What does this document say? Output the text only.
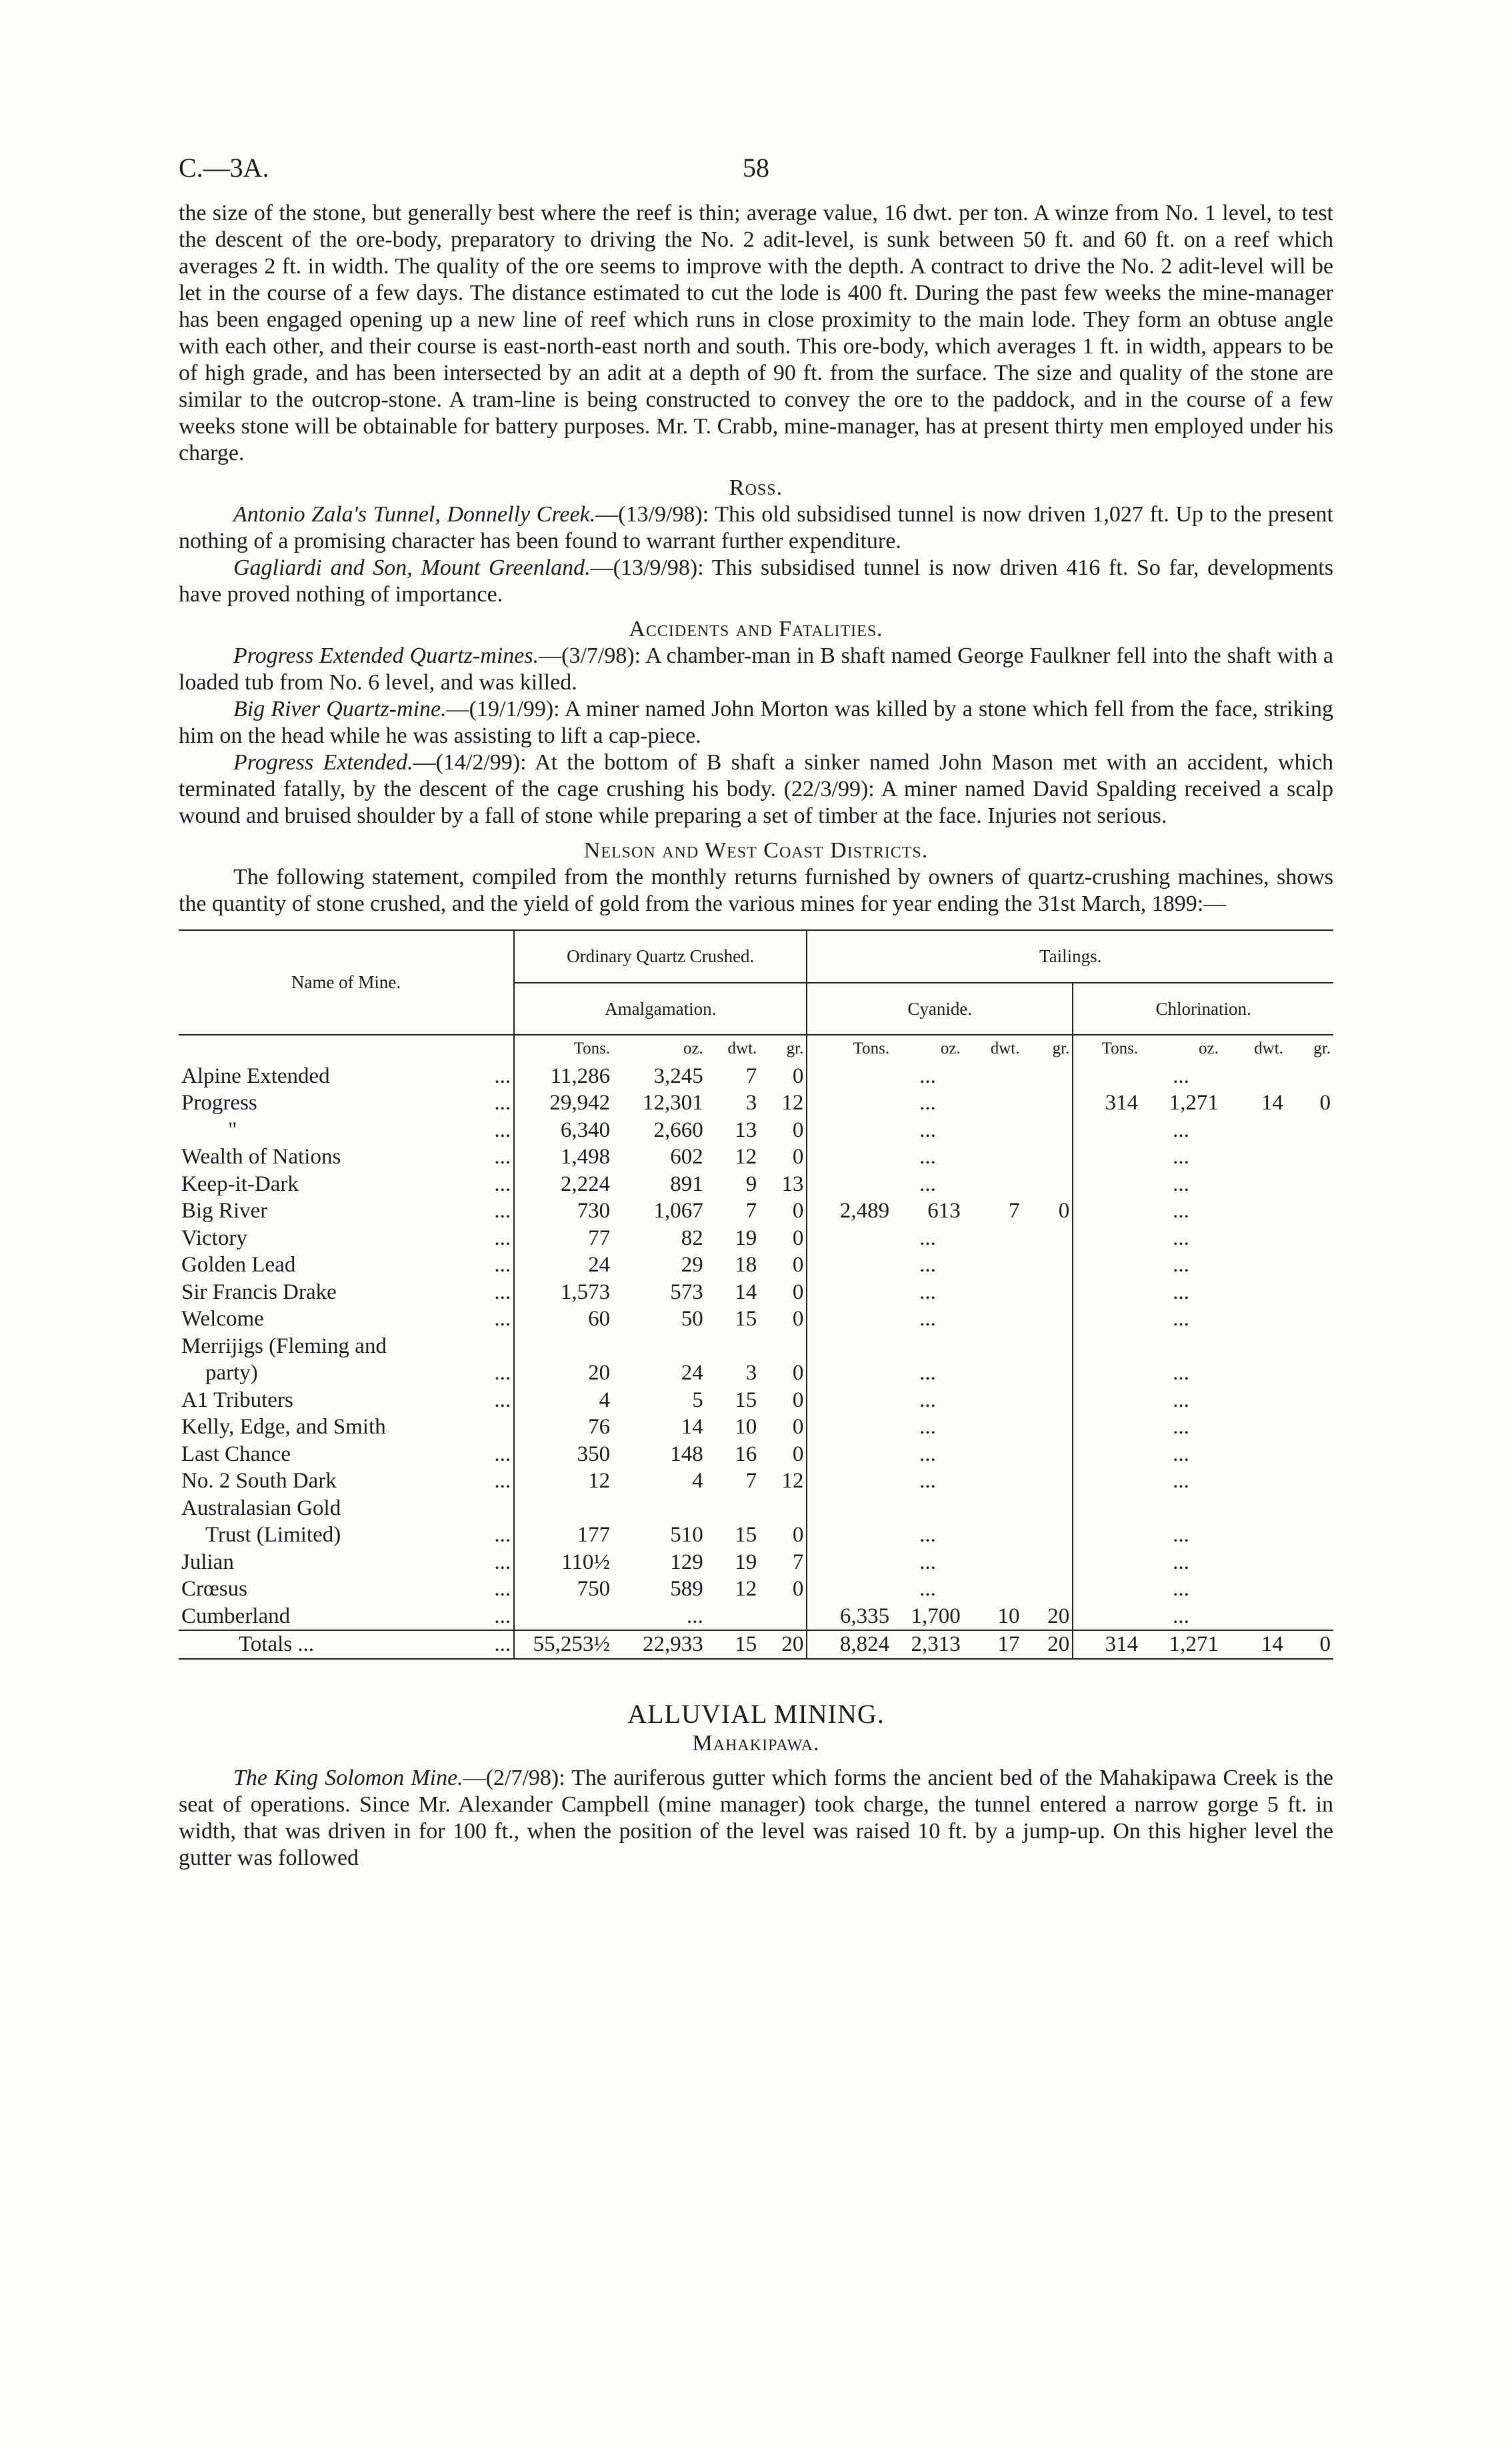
C.—3A.	58

the size of the stone, but generally best where the reef is thin; average value, 16 dwt. per ton. A winze from No. 1 level, to test the descent of the ore-body, preparatory to driving the No. 2 adit-level, is sunk between 50 ft. and 60 ft. on a reef which averages 2 ft. in width. The quality of the ore seems to improve with the depth. A contract to drive the No. 2 adit-level will be let in the course of a few days. The distance estimated to cut the lode is 400 ft. During the past few weeks the mine-manager has been engaged opening up a new line of reef which runs in close proximity to the main lode. They form an obtuse angle with each other, and their course is east-north-east north and south. This ore-body, which averages 1 ft. in width, appears to be of high grade, and has been intersected by an adit at a depth of 90 ft. from the surface. The size and quality of the stone are similar to the outcrop-stone. A tram-line is being constructed to convey the ore to the paddock, and in the course of a few weeks stone will be obtainable for battery purposes. Mr. T. Crabb, mine-manager, has at present thirty men employed under his charge.

Ross.

Antonio Zala's Tunnel, Donnelly Creek.—(13/9/98): This old subsidised tunnel is now driven 1,027 ft. Up to the present nothing of a promising character has been found to warrant further expenditure.

Gagliardi and Son, Mount Greenland.—(13/9/98): This subsidised tunnel is now driven 416 ft. So far, developments have proved nothing of importance.

Accidents and Fatalities.

Progress Extended Quartz-mines.—(3/7/98): A chamber-man in B shaft named George Faulkner fell into the shaft with a loaded tub from No. 6 level, and was killed.

Big River Quartz-mine.—(19/1/99): A miner named John Morton was killed by a stone which fell from the face, striking him on the head while he was assisting to lift a cap-piece.

Progress Extended.—(14/2/99): At the bottom of B shaft a sinker named John Mason met with an accident, which terminated fatally, by the descent of the cage crushing his body. (22/3/99): A miner named David Spalding received a scalp wound and bruised shoulder by a fall of stone while preparing a set of timber at the face. Injuries not serious.

Nelson and West Coast Districts.

The following statement, compiled from the monthly returns furnished by owners of quartz-crushing machines, shows the quantity of stone crushed, and the yield of gold from the various mines for year ending the 31st March, 1899:—

Name of Mine.	Ordinary Quartz Crushed.				Tailings.							
	Amalgamation.				Cyanide.				Chlorination.			
	Tons.	oz.	dwt.	gr.	Tons.	oz.	dwt.	gr.	Tons.	oz.	dwt.	gr.
Alpine Extended ...	11,286	3,245	7	0		...				...		
Progress ...	29,942	12,301	3	12		...			314	1,271	14	0
" ...	6,340	2,660	13	0		...				...		
Wealth of Nations ...	1,498	602	12	0		...				...		
Keep-it-Dark ...	2,224	891	9	13		...				...		
Big River ...	730	1,067	7	0	2,489	613	7	0		...		
Victory ...	77	82	19	0		...				...		
Golden Lead ...	24	29	18	0		...				...		
Sir Francis Drake ...	1,573	573	14	0		...				...		
Welcome ...	60	50	15	0		...				...		
Merrijigs (Fleming and

party) ...	20	24	3	0		...				...		
A1 Tributers ...	4	5	15	0		...				...		
Kelly, Edge, and Smith	76	14	10	0		...				...		
Last Chance ...	350	148	16	0		...				...		
No. 2 South Dark ...	12	4	7	12		...				...		
Australasian Gold

Trust (Limited) ...	177	510	15	0		...				...		
Julian ...	110½	129	19	7		...				...		
Crœsus ...	750	589	12	0		...				...		
Cumberland ...		...			6,335	1,700	10	20		...		
Totals ... ...	55,253½	22,933	15	20	8,824	2,313	17	20	314	1,271	14	0
ALLUVIAL MINING.
Mahakipawa.

The King Solomon Mine.—(2/7/98): The auriferous gutter which forms the ancient bed of the Mahakipawa Creek is the seat of operations. Since Mr. Alexander Campbell (mine manager) took charge, the tunnel entered a narrow gorge 5 ft. in width, that was driven in for 100 ft., when the position of the level was raised 10 ft. by a jump-up. On this higher level the gutter was followed
